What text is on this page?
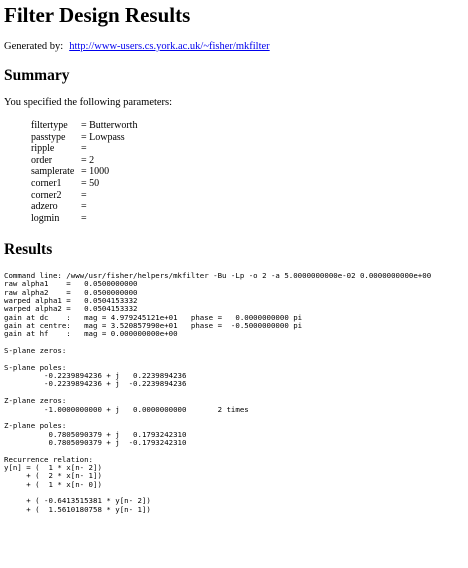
Filter Design Results
Generated by: http://www-users.cs.york.ac.uk/~fisher/mkfilter
Summary
You specified the following parameters:
filtertype	= Butterworth
passtype	= Lowpass
ripple	=
order	= 2
samplerate	= 1000
corner1	= 50
corner2	=
adzero	=
logmin	=
Results
Command line: /www/usr/fisher/helpers/mkfilter -Bu -Lp -o 2 -a 5.0000000000e-02 0.0000000000e+00
raw alpha1    =   0.0500000000
raw alpha2    =   0.0500000000
warped alpha1 =   0.0504153332
warped alpha2 =   0.0504153332
gain at dc    :   mag = 4.979245121e+01   phase =   0.0000000000 pi
gain at centre:   mag = 3.520857990e+01   phase =  -0.5000000000 pi
gain at hf    :   mag = 0.000000000e+00

S-plane zeros:

S-plane poles:
	-0.2239894236 + j   0.2239894236
	-0.2239894236 + j  -0.2239894236

Z-plane zeros:
	-1.0000000000 + j   0.0000000000	2 times

Z-plane poles:
	0.7805090379 + j   0.1793242310
	0.7805090379 + j  -0.1793242310

Recurrence relation:
y[n] = (  1 * x[n- 2])
+ (  2 * x[n- 1])
+ (  1 * x[n- 0])

+ ( -0.6413515381 * y[n- 2])
+ (  1.5610180758 * y[n- 1])
